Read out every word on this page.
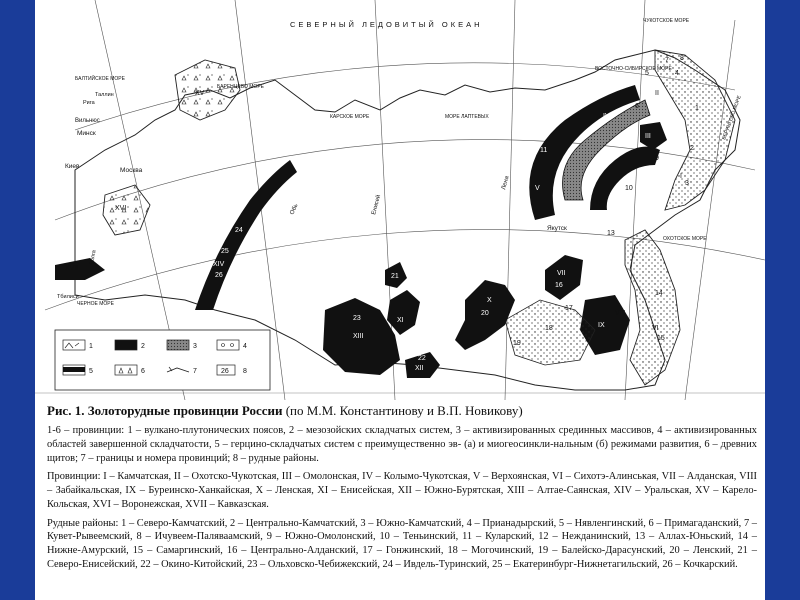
СЕВЕРНЫЙ ЛЕДОВИТЫЙ ОКЕАН	ЧУКОТСКОЕ МОРЕ
ВОСТОЧНО-СИБИРСКОЕ МОРЕ
БАРЕНЦЕВО МОРЕ
КАРСКОЕ МОРЕ	МОРЕ ЛАПТЕВЫХ
БАЛТИЙСКОЕ МОРЕ
БЕРИНГОВО МОРЕ
ОХОТСКОЕ МОРЕ
ЧЕРНОЕ МОРЕ
Минск
Киев
Москва
Вильнюс
Рига
Таллин
Тбилиси
Якутск
Обь	Енисей
Лена
Волга
I
II
III
IV
V
VI
VII
VIII
IX
X
XI
XII
XIII
XIV
XV
XVI
XVII
1
2
3
4
5
6
7 8
9
10
11
12
13
14
15
16
17
18
19
20
21
22
23
24
25
26
1	2	3	4
5	6	7	26 8

Рис. 1. Золоторудные провинции России (по М.М. Константинову и В.П. Новикову)

1-6 – провинции: 1 – вулкано-плутонических поясов, 2 – мезозойских складчатых систем, 3 – активизированных срединных массивов, 4 – активизированных областей завершенной складчатости, 5 – герцино-складчатых систем с преимущественно эв- (а) и миогеосинкли-нальным (б) режимами развития, 6 – древних щитов; 7 – границы и номера провинций; 8 – рудные районы.

Провинции: I – Камчатская, II – Охотско-Чукотская, III – Омолонская, IV – Колымо-Чукотская, V – Верхоянская, VI – Сихотэ-Алинськая, VII – Алданская, VIII – Забайкальская, IX – Буреинско-Ханкайская, X – Ленская, XI – Енисейская, XII – Южно-Бурятская, XIII – Алтае-Саянская, XIV – Уральская, XV – Карело-Кольская, XVI – Воронежская, XVII – Кавказская.

Рудные районы: 1 – Северо-Камчатский, 2 – Центрально-Камчатский, 3 – Южно-Камчатский, 4 – Прианадырский, 5 – Нявленгинский, 6 – Примагаданский, 7 – Кувет-Рывеемский, 8 – Ичувеем-Паляваамский, 9 – Южно-Омолонский, 10 – Теньинский, 11 – Куларский, 12 – Нежданинский, 13 – Аллах-Юньский, 14 – Нижне-Амурский, 15 – Самаргинский, 16 – Центрально-Алданский, 17 – Гонжинский, 18 – Могочинский, 19 – Балейско-Дарасунский, 20 – Ленский, 21 – Северо-Енисейский, 22 – Окино-Китойский, 23 – Ольховско-Чебижекский, 24 – Ивдель-Туринский, 25 – Екатеринбург-Нижнетагильский, 26 – Кочкарский.
